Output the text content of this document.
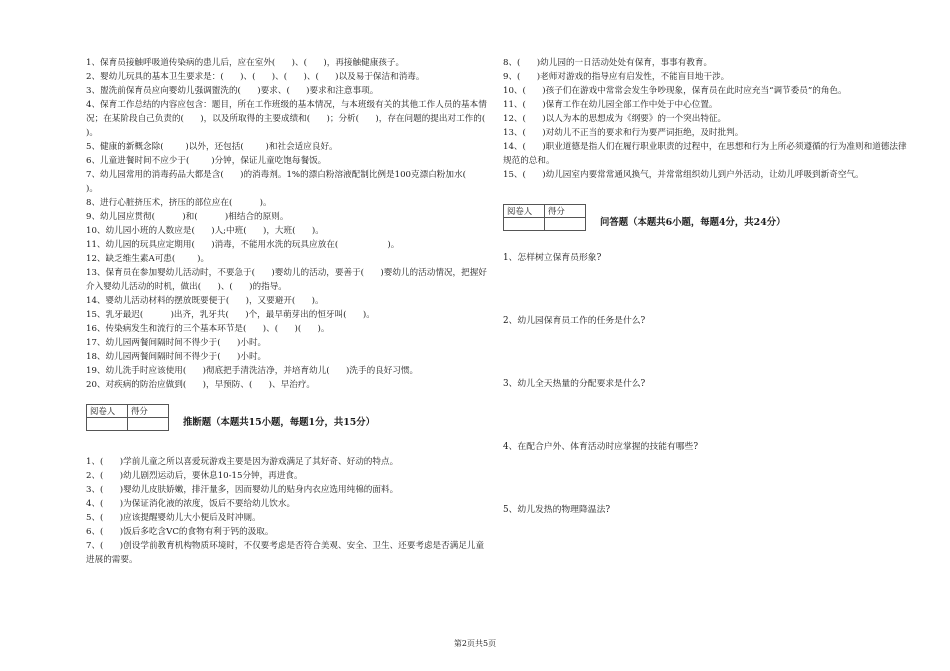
1、保育员接触呼吸道传染病的患儿后，应在室外(      )、(      )，再接触健康孩子。

2、婴幼儿玩具的基本卫生要求是：(      )、(      )、(      )、(      )以及易于保洁和消毒。

3、盥洗前保育员应向婴幼儿强调盥洗的(      )要求、(      )要求和注意事项。

4、保育工作总结的内容应包含：题目，所在工作班级的基本情况，与本班级有关的其他工作人员的基本情况；在某阶段自己负责的(      )，以及所取得的主要成绩和(      )；分析(      )，存在问题的提出对工作的(      )。

5、健康的新概念除(        )以外，还包括(        )和社会适应良好。

6、儿童进餐时间不应少于(        )分钟，保证儿童吃饱每餐饭。

7、幼儿园常用的消毒药品大都是含(      )的消毒剂。1%的漂白粉溶液配制比例是100克漂白粉加水(        )。

8、进行心脏挤压术，挤压的部位应在(          )。

9、幼儿园应贯彻(          )和(          )相结合的原则。

10、幼儿园小班的人数应是(      )人;中班(      )，大班(      )。

11、幼儿园的玩具应定期用(      )消毒，不能用水洗的玩具应放在(                  )。

12、缺乏维生素A可患(        )。

13、保育员在参加婴幼儿活动时，不要急于(      )婴幼儿的活动，要善于(      )婴幼儿的活动情况，把握好介入婴幼儿活动的时机，做出(      )、(      )的指导。

14、婴幼儿活动材料的摆放既要便于(      )，又要避开(      )。

15、乳牙最迟(          )出齐，乳牙共(      )个，最早萌芽出的恒牙叫(      )。

16、传染病发生和流行的三个基本环节是(      )、(      )(      )。

17、幼儿园两餐间隔时间不得少于(      )小时。

18、幼儿园两餐间隔时间不得少于(      )小时。

19、幼儿洗手时应该使用(      )彻底把手清洗洁净，并培育幼儿(      )洗手的良好习惯。

20、对疾病的防治应做到(      )，早预防、(      )、早治疗。

阅卷人	得分

推断题（本题共15小题，每题1分，共15分）

1、(      )学前儿童之所以喜爱玩游戏主要是因为游戏满足了其好奇、好动的特点。

2、(      )幼儿剧烈运动后，要休息10-15分钟，再进食。

3、(      )婴幼儿皮肤娇嫩，排汗量多，因而婴幼儿的贴身内衣应选用纯棉的面料。

4、(      )为保证消化液的浓度，饭后不要给幼儿饮水。

5、(      )应该提醒婴幼儿大小便后及时冲厕。

6、(      )饭后多吃含VC的食物有利于钙的汲取。

7、(      )创设学前教育机构物质环境时，不仅要考虑是否符合美观、安全、卫生、还要考虑是否满足儿童进展的需要。

8、(      )幼儿园的一日活动处处有保育，事事有教育。

9、(      )老师对游戏的指导应有启发性，不能盲目地干涉。

10、(      )孩子们在游戏中常常会发生争吵现象，保育员在此时应充当“调节委员”的角色。

11、(      )保育工作在幼儿园全部工作中处于中心位置。

12、(      )以人为本的思想成为《纲要》的一个突出特征。

13、(      )对幼儿不正当的要求和行为要严词拒绝，及时批判。

14、(      )职业道德是指人们在履行职业职责的过程中，在思想和行为上所必须遵循的行为准则和道德法律规范的总和。

15、(      )幼儿园室内要常常通风换气，并常常组织幼儿到户外活动，让幼儿呼吸到新奇空气。

阅卷人	得分

问答题（本题共6小题，每题4分，共24分）

1、怎样树立保育员形象?

2、幼儿园保育员工作的任务是什么?

3、幼儿全天热量的分配要求是什么?

4、在配合户外、体育活动时应掌握的技能有哪些?

5、幼儿发热的物理降温法?

第2页共5页
